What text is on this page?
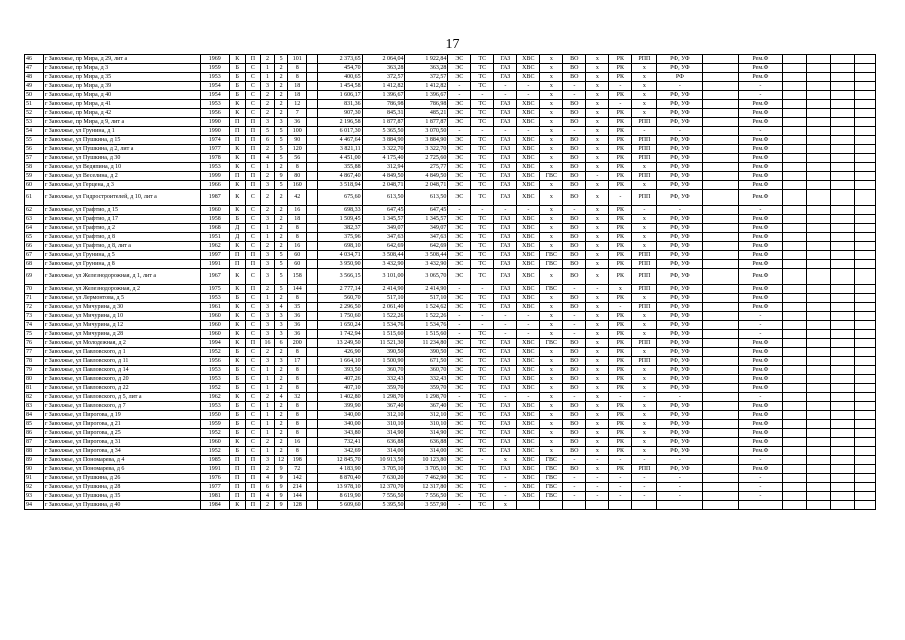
17
46	г Заволжье, пр Мира, д 29, лит а	1969	К	П	2	5	101		2 373,65	2 064,04	1 922,84	ЭС	ТС	ГАЗ	ХВС	х	ВО	х	РК	РПП	РФ, УФ		Рем.Ф				
47	г Заволжье, пр Мира, д 3	1959	Б	С	1	2	8		454,70	363,28	363,28	ЭС	ТС	ГАЗ	ХВС	х	ВО	х	РК	х	РФ, УФ		Рем.Ф				
48	г Заволжье, пр Мира, д 35	1953	Б	С	1	2	8		400,65	372,57	372,57	ЭС	ТС	ГАЗ	ХВС	х	ВО	х	РК	х	РФ		Рем.Ф				
49	г Заволжье, пр Мира, д 39	1954	Б	С	3	2	18		1 454,58	1 412,82	1 412,82	-	ТС	-	-	х	-	х	-	х	-		-				
50	г Заволжье, пр Мира, д 40	1954	Б	С	2	2	18		1 606,17	1 396,67	1 396,67	-	-	-	-	х	-	х	РК	х	РФ, УФ		-				
51	г Заволжье, пр Мира, д 41	1953	К	С	2	2	12		831,36	786,98	786,98	ЭС	ТС	ГАЗ	ХВС	х	ВО	х	-	х	РФ, УФ		Рем.Ф				
52	г Заволжье, пр Мира, д 42	1956	К	С	2	2	7		907,30	845,31	485,21	ЭС	ТС	ГАЗ	ХВС	х	ВО	х	РК	х	РФ, УФ		Рем.Ф				
53	г Заволжье, пр Мира, д 9, лит а	1990	П	П	3	3	36		2 196,58	1 877,87	1 877,87	ЭС	ТС	ГАЗ	ХВС	х	ВО	х	РК	РПП	РФ, УФ		Рем.Ф				
54	г Заволжье, ул Грунина, д 1	1990	П	П	5	5	100		6 017,30	5 365,50	3 070,50	-	-	-	-	х	-	х	РК	-	-		-				
55	г Заволжье, ул Пушкина, д 15	1974	П	П	6	5	90		4 467,64	3 884,90	3 884,90	ЭС	ТС	ГАЗ	ХВС	х	ВО	х	РК	РПП	РФ, УФ		Рем.Ф				
56	г Заволжье, ул Пушкина, д 2, лит а	1977	К	П	2	5	120		3 821,11	3 322,70	3 322,70	ЭС	ТС	ГАЗ	ХВС	х	ВО	х	РК	РПП	РФ, УФ		Рем.Ф				
57	г Заволжье, ул Пушкина, д 30	1978	К	П	4	5	56		4 451,00	4 175,40	2 725,60	ЭС	ТС	ГАЗ	ХВС	х	ВО	х	РК	РПП	РФ, УФ		Рем.Ф				
58	г Заволжье, ул Ведяпина, д 10	1953	К	С	1	2	8		355,88	312,94	275,77	ЭС	ТС	ГАЗ	ХВС	х	ВО	х	РК	х	РФ, УФ		Рем.Ф				
59	г Заволжье, ул Веселина, д 2	1999	П	П	2	9	80		4 867,40	4 849,50	4 849,50	ЭС	ТС	ГАЗ	ХВС	ГВС	ВО	-	РК	РПП	РФ, УФ		Рем.Ф				
60	г Заволжье, ул Герцена, д 3	1966	К	П	3	5	160		3 518,94	2 048,71	2 048,71	ЭС	ТС	ГАЗ	ХВС	х	ВО	х	РК	х	РФ, УФ		Рем.Ф				
61	г Заволжье, ул Гидростроителей, д 10, лит а	1987	К	С	2	2	42		675,60	613,50	613,50	ЭС	ТС	ГАЗ	ХВС	х	ВО	х	-	РПП	РФ, УФ		Рем.Ф				
62	г Заволжье, ул Графтио, д 15	1960	К	С	2	2	16		698,33	647,45	647,45	-	-	-	-	х	-	х	РК	-	-		-				
63	г Заволжье, ул Графтио, д 17	1958	Б	С	3	2	18		1 509,45	1 345,57	1 345,57	ЭС	ТС	ГАЗ	ХВС	х	ВО	х	РК	х	РФ, УФ		Рем.Ф				
64	г Заволжье, ул Графтио, д 2	1968	Д	С	1	2	8		382,37	349,07	349,07	ЭС	ТС	ГАЗ	ХВС	х	ВО	х	РК	х	РФ, УФ		Рем.Ф				
65	г Заволжье, ул Графтио, д 8	1951	Д	С	1	2	8		375,96	347,63	347,63	ЭС	ТС	ГАЗ	ХВС	х	ВО	х	РК	х	РФ, УФ		Рем.Ф				
66	г Заволжье, ул Графтио, д 8, лит а	1962	К	С	2	2	16		698,10	642,69	642,69	ЭС	ТС	ГАЗ	ХВС	х	ВО	х	РК	х	РФ, УФ		Рем.Ф				
67	г Заволжье, ул Грунина, д 5	1997	П	П	3	5	60		4 034,71	3 508,44	3 508,44	ЭС	ТС	ГАЗ	ХВС	ГВС	ВО	х	РК	РПП	РФ, УФ		Рем.Ф				
68	г Заволжье, ул Грунина, д 8	1991	П	П	3	5	60		3 950,90	3 432,90	3 432,90	ЭС	ТС	ГАЗ	ХВС	ГВС	ВО	х	РК	РПП	РФ, УФ		Рем.Ф				
69	г Заволжье, ул Железнодорожная, д 1, лит а	1967	К	С	3	5	158		3 566,15	3 101,00	3 065,70	ЭС	ТС	ГАЗ	ХВС	х	ВО	х	РК	РПП	РФ, УФ		Рем.Ф				
70	г Заволжье, ул Железнодорожная, д 2	1975	К	П	2	5	144		2 777,14	2 414,90	2 414,90	-	-	ГАЗ	ХВС	ГВС	-	-	х	РПП	РФ, УФ		Рем.Ф				
71	г Заволжье, ул Лермонтова, д 5	1953	Б	С	1	2	8		560,70	517,10	517,10	ЭС	ТС	ГАЗ	ХВС	х	ВО	х	РК	х	РФ, УФ		Рем.Ф				
72	г Заволжье, ул Мичурина, д 30	1961	К	С	3	4	35		2 296,50	2 061,40	1 524,62	ЭС	ТС	ГАЗ	ХВС	х	ВО	х	-	РПП	РФ, УФ		Рем.Ф				
73	г Заволжье, ул Мичурина, д 10	1960	К	С	3	3	36		1 750,60	1 522,26	1 522,26	-	-	-	-	х	-	х	РК	х	РФ, УФ		-				
74	г Заволжье, ул Мичурина, д 12	1960	К	С	3	3	36		1 650,24	1 534,76	1 534,76	-	-	-	-	х	-	х	РК	х	РФ, УФ		-				
75	г Заволжье, ул Мичурина, д 28	1960	К	С	3	3	36		1 742,94	1 515,60	1 515,60	-	ТС	-	-	х	-	х	РК	х	РФ, УФ		-				
76	г Заволжье, ул Молодежная, д 2	1994	К	П	16	6	200		13 249,50	11 521,30	11 234,80	ЭС	ТС	ГАЗ	ХВС	ГВС	ВО	х	РК	РПП	РФ, УФ		Рем.Ф				
77	г Заволжье, ул Павловского, д 1	1952	Б	С	2	2	8		426,90	390,50	390,50	ЭС	ТС	ГАЗ	ХВС	х	ВО	х	РК	х	РФ, УФ		Рем.Ф				
78	г Заволжье, ул Павловского, д 11	1956	К	С	3	3	17		1 664,10	1 500,90	671,50	ЭС	ТС	ГАЗ	ХВС	х	ВО	х	РК	РПП	РФ, УФ		Рем.Ф				
79	г Заволжье, ул Павловского, д 14	1953	Б	С	1	2	8		393,50	360,70	360,70	ЭС	ТС	ГАЗ	ХВС	х	ВО	х	РК	х	РФ, УФ		Рем.Ф				
80	г Заволжье, ул Павловского, д 20	1953	Б	С	1	2	8		407,26	332,43	332,43	ЭС	ТС	ГАЗ	ХВС	х	ВО	х	РК	х	РФ, УФ		Рем.Ф				
81	г Заволжье, ул Павловского, д 22	1952	Б	С	1	2	8		407,10	359,70	359,70	ЭС	ТС	ГАЗ	ХВС	х	ВО	х	РК	х	РФ, УФ		Рем.Ф				
82	г Заволжье, ул Павловского, д 5, лит а	1962	К	С	2	4	32		1 402,80	1 298,70	1 298,70	-	ТС	-	-	х	-	х	-	-	-		-				
83	г Заволжье, ул Павловского, д 7	1953	Б	С	1	2	8		399,90	367,40	367,40	ЭС	ТС	ГАЗ	ХВС	х	ВО	х	РК	х	РФ, УФ		Рем.Ф				
84	г Заволжье, ул Пирогова, д 19	1950	Б	С	1	2	8		340,00	312,10	312,10	ЭС	ТС	ГАЗ	ХВС	х	ВО	х	РК	х	РФ, УФ		Рем.Ф				
85	г Заволжье, ул Пирогова, д 21	1959	Б	С	1	2	8		340,00	310,10	310,10	ЭС	ТС	ГАЗ	ХВС	х	ВО	х	РК	х	РФ, УФ		Рем.Ф				
86	г Заволжье, ул Пирогова, д 25	1952	Б	С	1	2	8		343,80	314,90	314,90	ЭС	ТС	ГАЗ	ХВС	х	ВО	х	РК	х	РФ, УФ		Рем.Ф				
87	г Заволжье, ул Пирогова, д 31	1960	К	С	2	2	16		732,41	636,88	636,88	ЭС	ТС	ГАЗ	ХВС	х	ВО	х	РК	х	РФ, УФ		Рем.Ф				
88	г Заволжье, ул Пирогова, д 34	1952	Б	С	1	2	8		342,69	314,00	314,00	ЭС	ТС	ГАЗ	ХВС	х	ВО	х	РК	х	РФ, УФ		Рем.Ф				
89	г Заволжье, ул Пономарева, д 4	1985	П	П	3	12	198		12 845,70	10 913,50	10 123,80	ЭС	-	х	ХВС	ГВС	-	-	-	-	-		-				
90	г Заволжье, ул Пономарева, д 6	1991	П	П	2	9	72		4 183,90	3 705,10	3 705,10	ЭС	ТС	ГАЗ	ХВС	ГВС	ВО	х	РК	РПП	РФ, УФ		Рем.Ф				
91	г Заволжье, ул Пушкина, д 26	1976	П	П	4	9	142		8 870,40	7 630,20	7 462,90	ЭС	ТС	-	ХВС	ГВС	-	-	-	-	-		-				
92	г Заволжье, ул Пушкина, д 28	1977	П	П	6	9	214		13 978,10	12 370,70	12 317,80	ЭС	ТС	-	ХВС	ГВС	-	-	-	-	-		-				
93	г Заволжье, ул Пушкина, д 35	1981	П	П	4	9	144		8 619,90	7 556,50	7 556,50	ЭС	ТС	-	ХВС	ГВС	-	-	-	-	-		-				
94	г Заволжье, ул Пушкина, д 40	1984	К	П	2	9	128		5 609,60	5 395,50	3 557,90	-	ТС	х													
